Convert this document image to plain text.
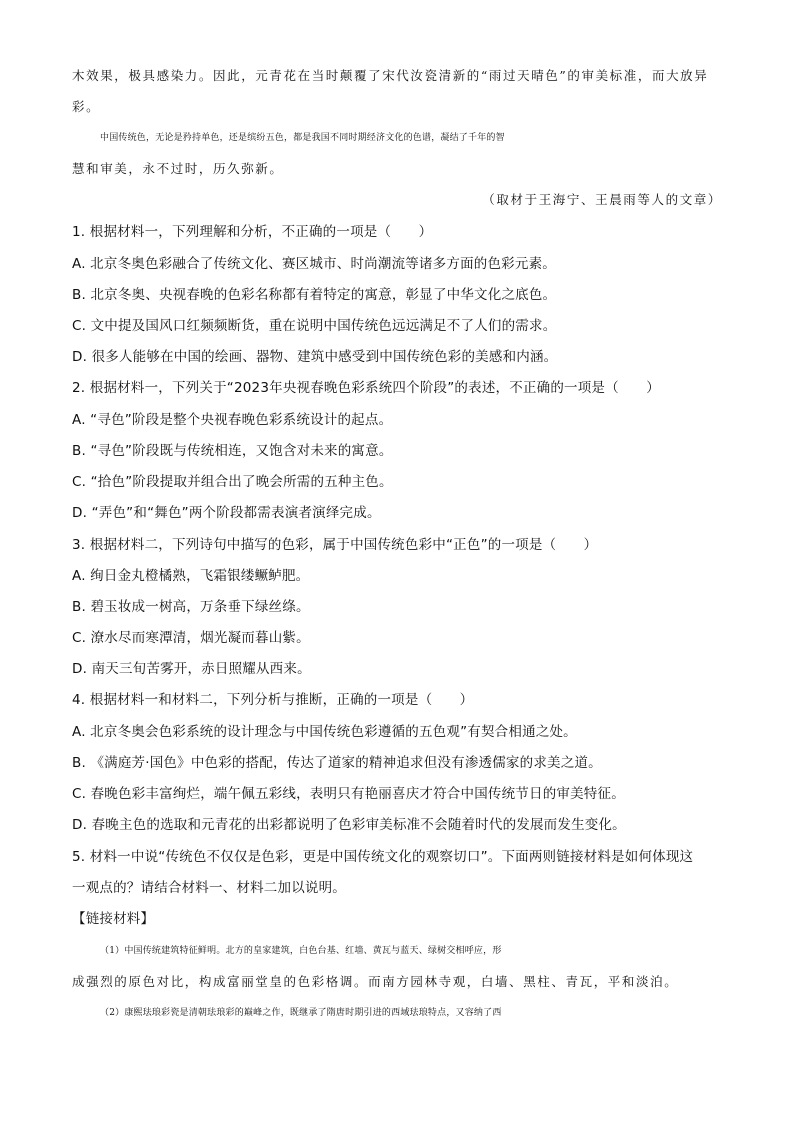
木效果，极具感染力。因此，元青花在当时颠覆了宋代汝瓷清新的“雨过天晴色”的审美标准，而大放异
彩。
中国传统色，无论是矜持单色，还是缤纷五色，都是我国不同时期经济文化的色谱，凝结了千年的智
慧和审美，永不过时，历久弥新。
（取材于王海宁、王晨雨等人的文章）
1. 根据材料一，下列理解和分析，不正确的一项是（　　）
A. 北京冬奥色彩融合了传统文化、赛区城市、时尚潮流等诸多方面的色彩元素。
B. 北京冬奥、央视春晚的色彩名称都有着特定的寓意，彰显了中华文化之底色。
C. 文中提及国风口红频频断货，重在说明中国传统色远远满足不了人们的需求。
D. 很多人能够在中国的绘画、器物、建筑中感受到中国传统色彩的美感和内涵。
2. 根据材料一，下列关于“2023年央视春晚色彩系统四个阶段”的表述，不正确的一项是（　　）
A. “寻色”阶段是整个央视春晚色彩系统设计的起点。
B. “寻色”阶段既与传统相连，又饱含对未来的寓意。
C. “拾色”阶段提取并组合出了晚会所需的五种主色。
D. “弄色”和“舞色”两个阶段都需表演者演绎完成。
3. 根据材料二，下列诗句中描写的色彩，属于中国传统色彩中“正色”的一项是（　　）
A. 绚日金丸橙橘熟，飞霜银缕鳜鲈肥。
B. 碧玉妆成一树高，万条垂下绿丝绦。
C. 潦水尽而寒潭清，烟光凝而暮山紫。
D. 南天三旬苦雾开，赤日照耀从西来。
4. 根据材料一和材料二，下列分析与推断，正确的一项是（　　）
A. 北京冬奥会色彩系统的设计理念与中国传统色彩遵循的五色观”有契合相通之处。
B. 《满庭芳·国色》中色彩的搭配，传达了道家的精神追求但没有渗透儒家的求美之道。
C. 春晚色彩丰富绚烂，端午佩五彩线，表明只有艳丽喜庆才符合中国传统节日的审美特征。
D. 春晚主色的选取和元青花的出彩都说明了色彩审美标准不会随着时代的发展而发生变化。
5. 材料一中说“传统色不仅仅是色彩，更是中国传统文化的观察切口”。下面两则链接材料是如何体现这
一观点的？请结合材料一、材料二加以说明。
【链接材料】
（1）中国传统建筑特征鲜明。北方的皇家建筑，白色台基、红墙、黄瓦与蓝天、绿树交相呼应，形
成强烈的原色对比，构成富丽堂皇的色彩格调。而南方园林寺观，白墙、黑柱、青瓦，平和淡泊。
（2）康熙珐琅彩瓷是清朝珐琅彩的巅峰之作，既继承了隋唐时期引进的西域珐琅特点，又容纳了西
